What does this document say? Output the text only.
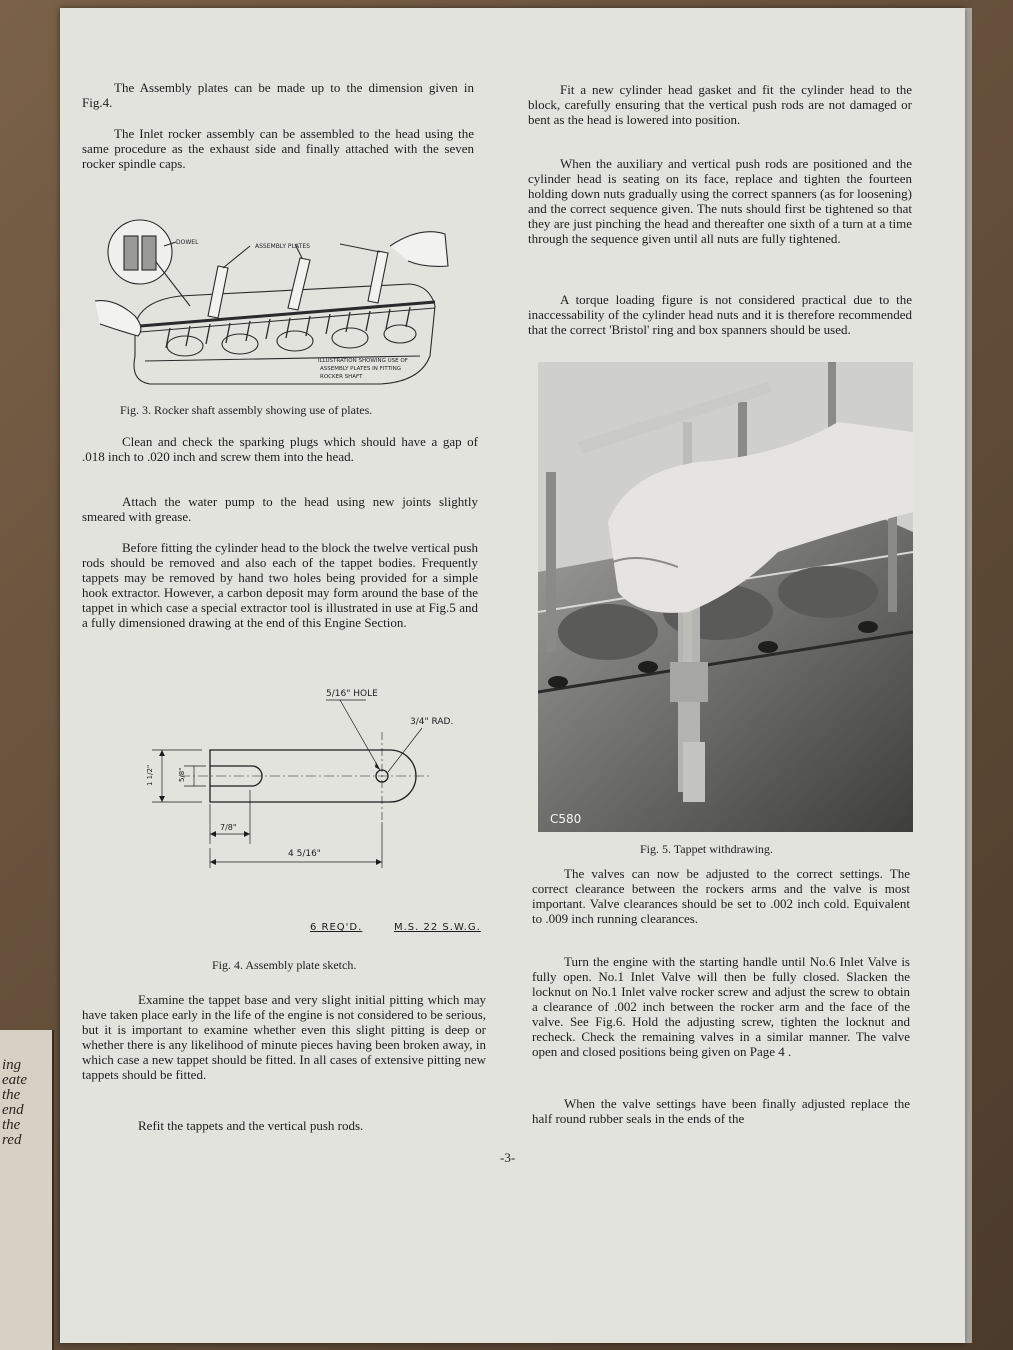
ing
eate
the
end
the
red

The Assembly plates can be made up to the dimension given in Fig.4.

The Inlet rocker assembly can be assembled to the head using the same procedure as the exhaust side and finally attached with the seven rocker spindle caps.

DOWEL
ASSEMBLY PLATES
ILLUSTRATION SHOWING USE OF
ASSEMBLY PLATES IN FITTING
ROCKER SHAFT

Fig. 3. Rocker shaft assembly showing use of plates.

Clean and check the sparking plugs which should have a gap of .018 inch to .020 inch and screw them into the head.

Attach the water pump to the head using new joints slightly smeared with grease.

Before fitting the cylinder head to the block the twelve vertical push rods should be removed and also each of the tappet bodies. Frequently tappets may be removed by hand two holes being provided for a simple hook extractor. However, a carbon deposit may form around the base of the tappet in which case a special extractor tool is illustrated in use at Fig.5 and a fully dimensioned drawing at the end of this Engine Section.

5/16" HOLE
3/4" RAD.
1 1/2"	5/8"
7/8"
4 5/16"

6 REQ'D.	M.S. 22 S.W.G.

Fig. 4. Assembly plate sketch.

Examine the tappet base and very slight initial pitting which may have taken place early in the life of the engine is not considered to be serious, but it is important to examine whether even this slight pitting is deep or whether there is any likelihood of minute pieces having been broken away, in which case a new tappet should be fitted. In all cases of extensive pitting new tappets should be fitted.

Refit the tappets and the vertical push rods.

Fit a new cylinder head gasket and fit the cylinder head to the block, carefully ensuring that the vertical push rods are not damaged or bent as the head is lowered into position.

When the auxiliary and vertical push rods are positioned and the cylinder head is seating on its face, replace and tighten the fourteen holding down nuts gradually using the correct spanners (as for loosening) and the correct sequence given. The nuts should first be tightened so that they are just pinching the head and thereafter one sixth of a turn at a time through the sequence given until all nuts are fully tightened.

A torque loading figure is not considered practical due to the inaccessability of the cylinder head nuts and it is therefore recommended that the correct 'Bristol' ring and box spanners should be used.

C580

Fig. 5. Tappet withdrawing.

The valves can now be adjusted to the correct settings. The correct clearance between the rockers arms and the valve is most important. Valve clearances should be set to .002 inch cold. Equivalent to .009 inch running clearances.

Turn the engine with the starting handle until No.6 Inlet Valve is fully open. No.1 Inlet Valve will then be fully closed. Slacken the locknut on No.1 Inlet valve rocker screw and adjust the screw to obtain a clearance of .002 inch between the rocker arm and the face of the valve. See Fig.6. Hold the adjusting screw, tighten the locknut and recheck. Check the remaining valves in a similar manner. The valve open and closed positions being given on Page 4 .

When the valve settings have been finally adjusted replace the half round rubber seals in the ends of the

-3-
